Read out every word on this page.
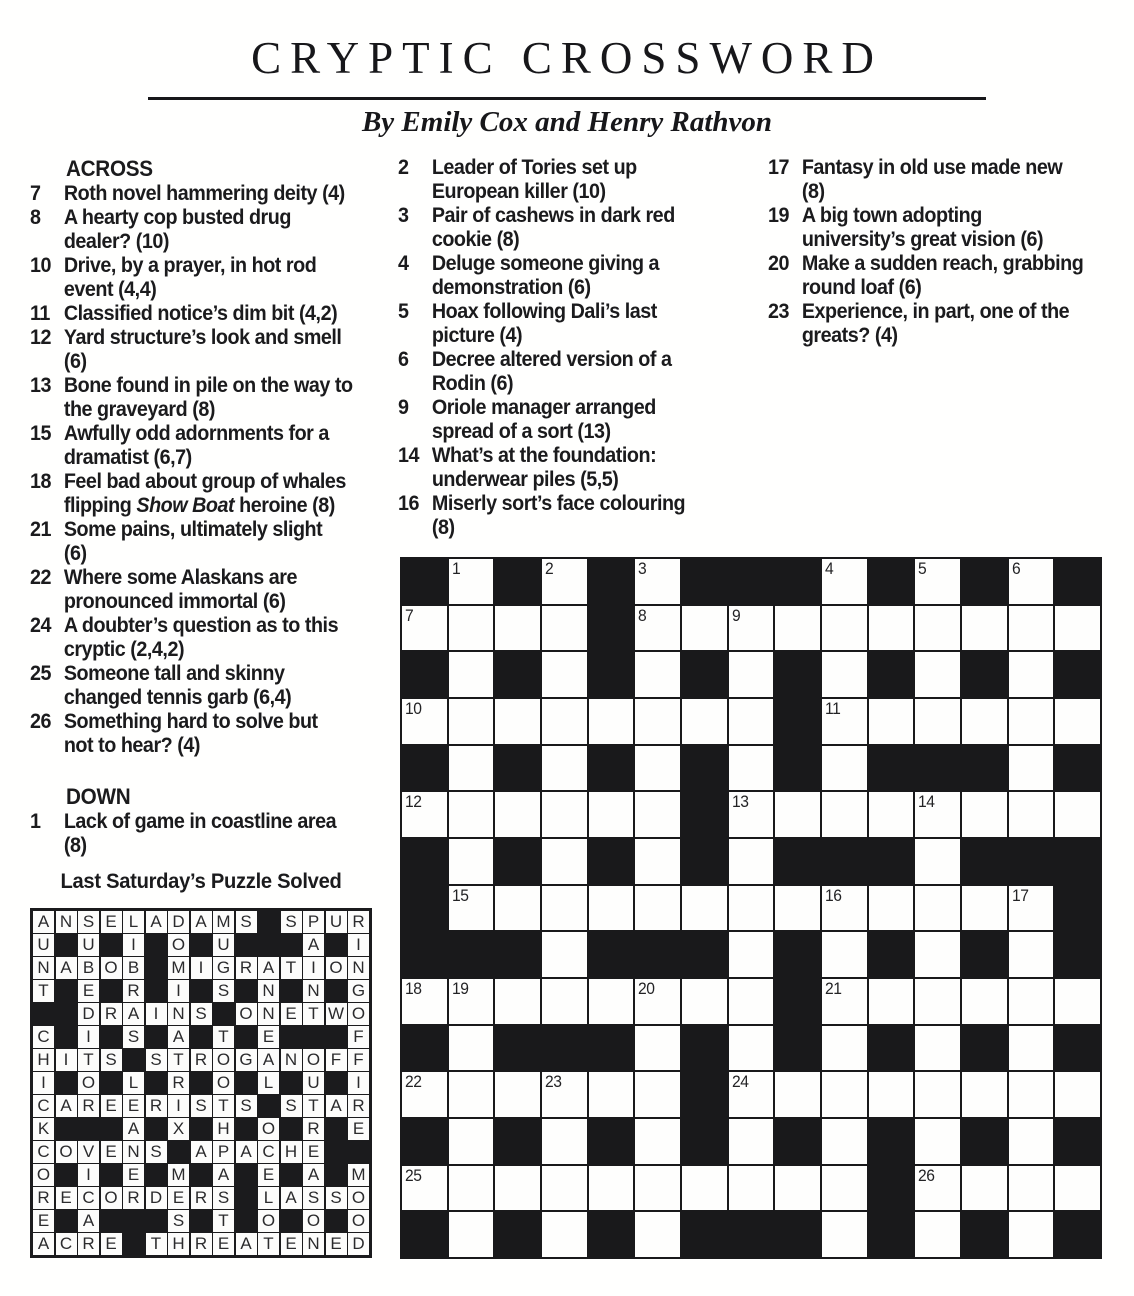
CRYPTIC CROSSWORD
By Emily Cox and Henry Rathvon
ACROSS
7	Roth novel hammering deity (4)
8	A hearty cop busted drug
dealer? (10)
10 Drive, by a prayer, in hot rod
event (4,4)
11 Classified notice’s dim bit (4,2)
12 Yard structure’s look and smell
(6)
13 Bone found in pile on the way to
the graveyard (8)
15 Awfully odd adornments for a
dramatist (6,7)
18 Feel bad about group of whales
flipping Show Boat heroine (8)
21 Some pains, ultimately slight
(6)
22 Where some Alaskans are
pronounced immortal (6)
24 A doubter’s question as to this
cryptic (2,4,2)
25 Someone tall and skinny
changed tennis garb (6,4)
26 Something hard to solve but
not to hear? (4)
DOWN
1	Lack of game in coastline area
(8)
2	Leader of Tories set up
European killer (10)
3	Pair of cashews in dark red
cookie (8)
4	Deluge someone giving a
demonstration (6)
5	Hoax following Dali’s last
picture (4)
6	Decree altered version of a
Rodin (6)
9	Oriole manager arranged
spread of a sort (13)
14 What’s at the foundation:
underwear piles (5,5)
16 Miserly sort’s face colouring
(8)
17 Fantasy in old use made new
(8)
19 A big town adopting
university’s great vision (6)
20 Make a sudden reach, grabbing
round loaf (6)
23 Experience, in part, one of the
greats? (4)
Last Saturday’s Puzzle Solved
A N S E L A D A M S S P U R
U U	I	O U	A	I
N A B O B M I G R A T I O N
T	E R	I	S N N G
D R A I N S O N E T W O
C	I	S A	T	E	F
H I T S S T R O G A N O F F
I	O	L	R O	L	U	I
C A R E E R I S T S S T A R
K	A X H O R E
C O V E N S A P A C H E
O	I	E M A E A M
R E C O R D E R S	L A S S O
E A	S	T	O O O
A C R E	T H R E A T E N E D
1	2	3	4	5	6
7	8	9
10	11
12	13	14
15	16	17
18 19	20	21
22	23	24
25	26
